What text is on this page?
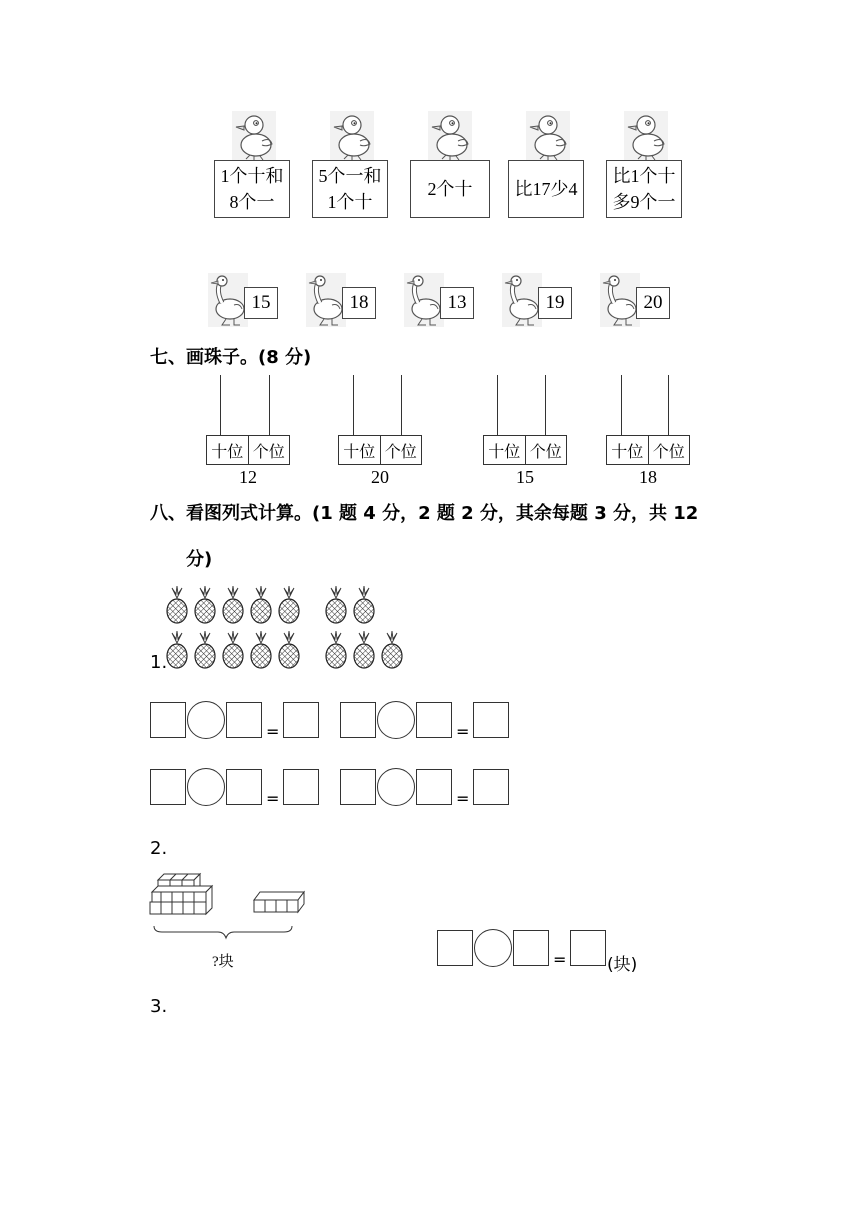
1个十和
8个一
5个一和
1个十
2个十	比17少4
比1个十
多9个一
15	18	13	19	20
七、画珠子。(8 分)
十位 个位
12
十位 个位
20
十位 个位
15
十位 个位
18
八、看图列式计算。(1 题 4 分，2 题 2 分，其余每题 3 分，共 12
分)
1.
=	=
=	=
2.
?块	= (块)
3.
